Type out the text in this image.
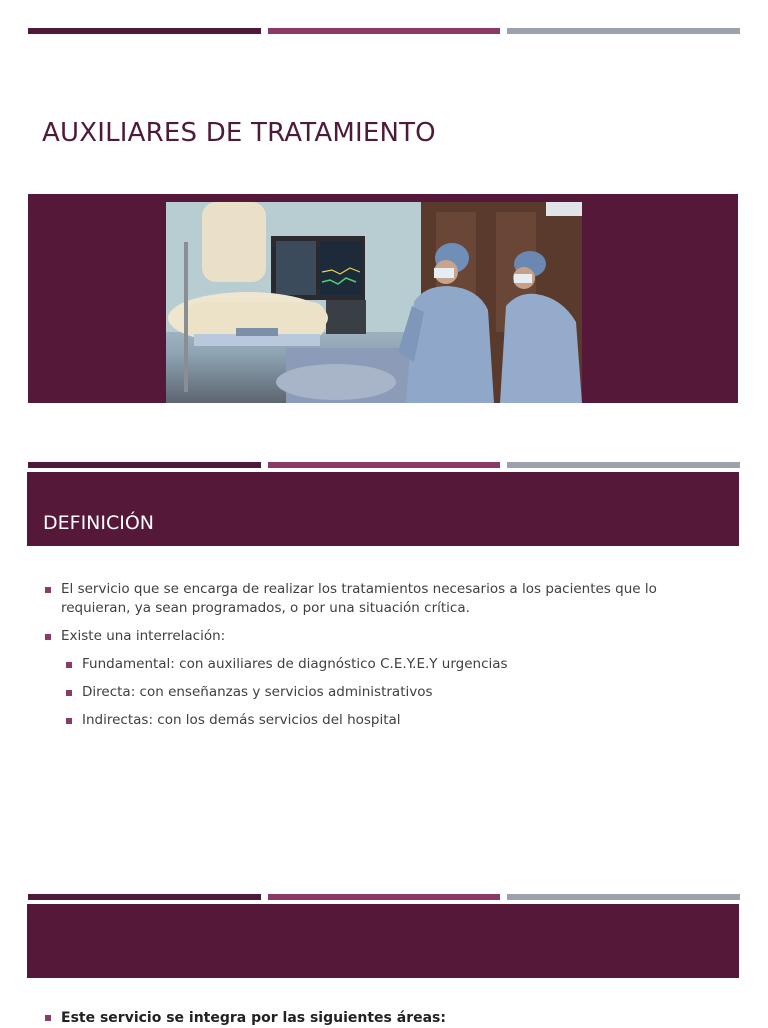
AUXILIARES DE TRATAMIENTO
DEFINICIÓN
El servicio que se encarga de realizar los tratamientos necesarios a los pacientes que lo requieran, ya sean programados, o por una situación crítica.
Existe una interrelación:
Fundamental: con auxiliares de diagnóstico C.E.Y.E.Y urgencias
Directa: con enseñanzas y servicios administrativos
Indirectas: con los demás servicios del hospital
Este servicio se integra por las siguientes áreas:
